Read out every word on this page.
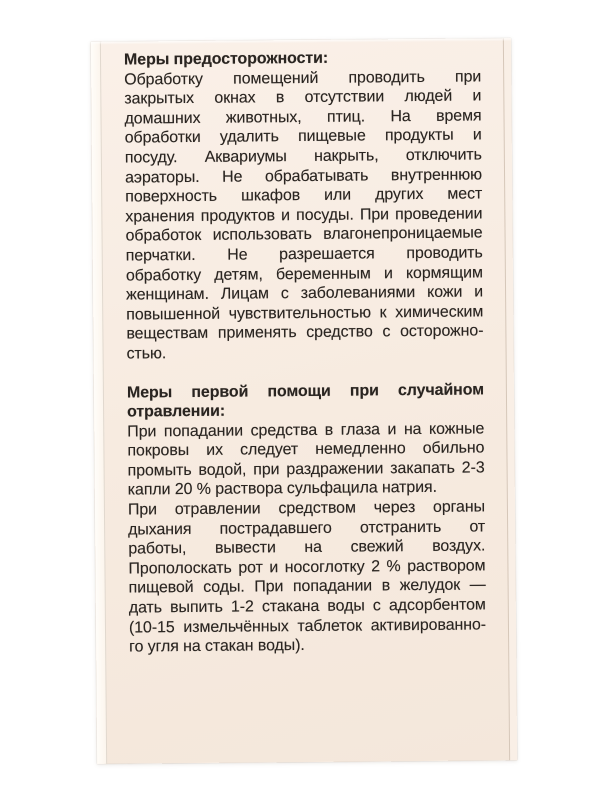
Меры предосторожности:
Обработку помещений проводить при
закрытых окнах в отсутствии людей и
домашних животных, птиц. На время
обработки удалить пищевые продукты и
посуду. Аквариумы накрыть, отключить
аэраторы. Не обрабатывать внутреннюю
поверхность шкафов или других мест
хранения продуктов и посуды. При проведении
обработок использовать влагонепроницаемые
перчатки. Не разрешается проводить
обработку детям, беременным и кормящим
женщинам. Лицам с заболеваниями кожи и
повышенной чувствительностью к химическим
веществам применять средство с осторожно-
стью.
Меры первой помощи при случайном
отравлении:
При попадании средства в глаза и на кожные
покровы их следует немедленно обильно
промыть водой, при раздражении закапать 2-3
капли 20 % раствора сульфацила натрия.
При отравлении средством через органы
дыхания пострадавшего отстранить от
работы, вывести на свежий воздух.
Прополоскать рот и носоглотку 2 % раствором
пищевой соды. При попадании в желудок —
дать выпить 1-2 стакана воды с адсорбентом
(10-15 измельчённых таблеток активированно-
го угля на стакан воды).
